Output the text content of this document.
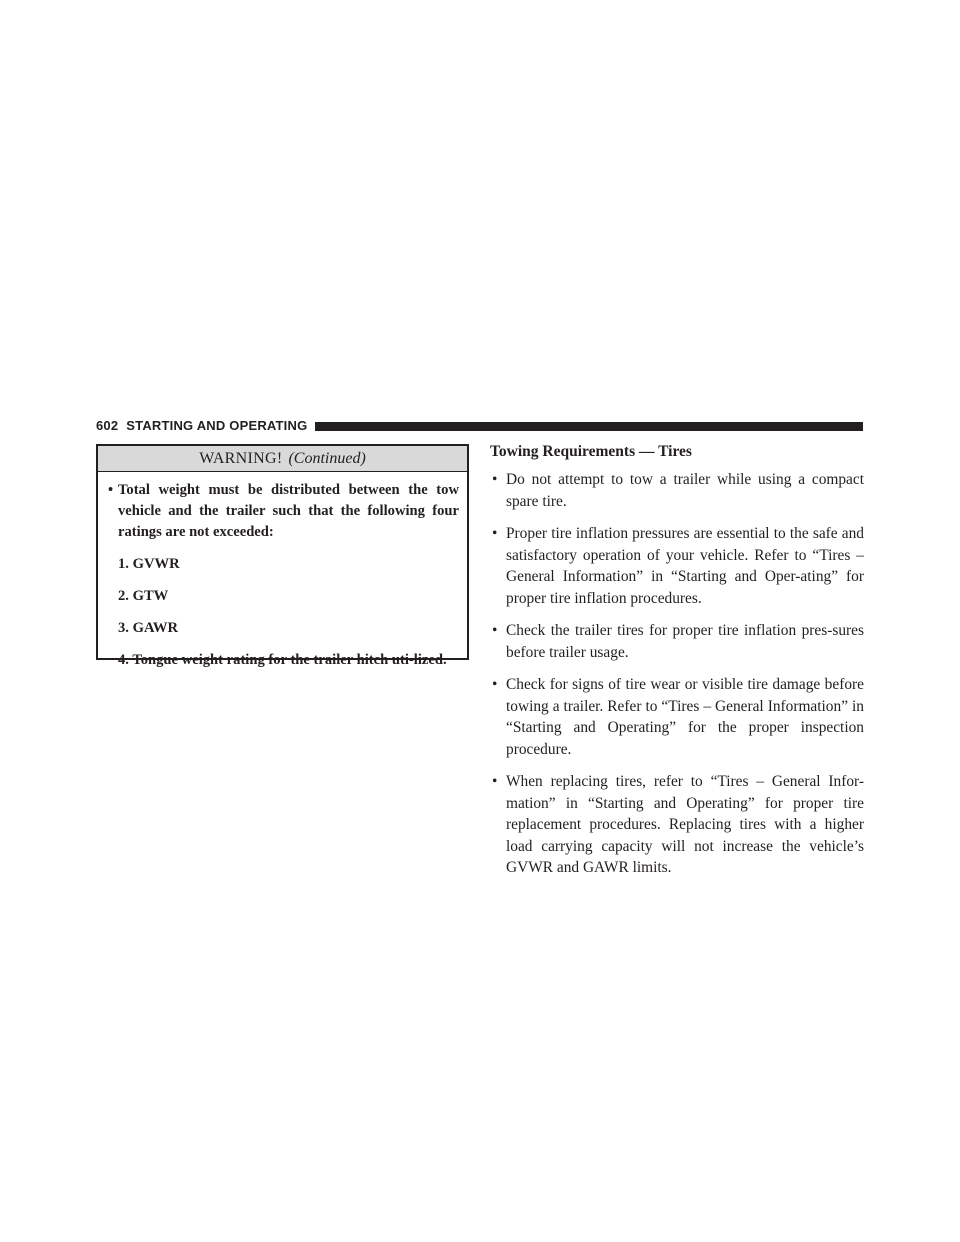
602 STARTING AND OPERATING
WARNING! (Continued)
• Total weight must be distributed between the tow vehicle and the trailer such that the following four ratings are not exceeded:
1. GVWR
2. GTW
3. GAWR
4. Tongue weight rating for the trailer hitch uti-lized.
Towing Requirements — Tires
• Do not attempt to tow a trailer while using a compact spare tire.
• Proper tire inflation pressures are essential to the safe and satisfactory operation of your vehicle. Refer to “Tires – General Information” in “Starting and Oper-ating” for proper tire inflation procedures.
• Check the trailer tires for proper tire inflation pres-sures before trailer usage.
• Check for signs of tire wear or visible tire damage before towing a trailer. Refer to “Tires – General Information” in “Starting and Operating” for the proper inspection procedure.
• When replacing tires, refer to “Tires – General Infor-mation” in “Starting and Operating” for proper tire replacement procedures. Replacing tires with a higher load carrying capacity will not increase the vehicle’s GVWR and GAWR limits.
